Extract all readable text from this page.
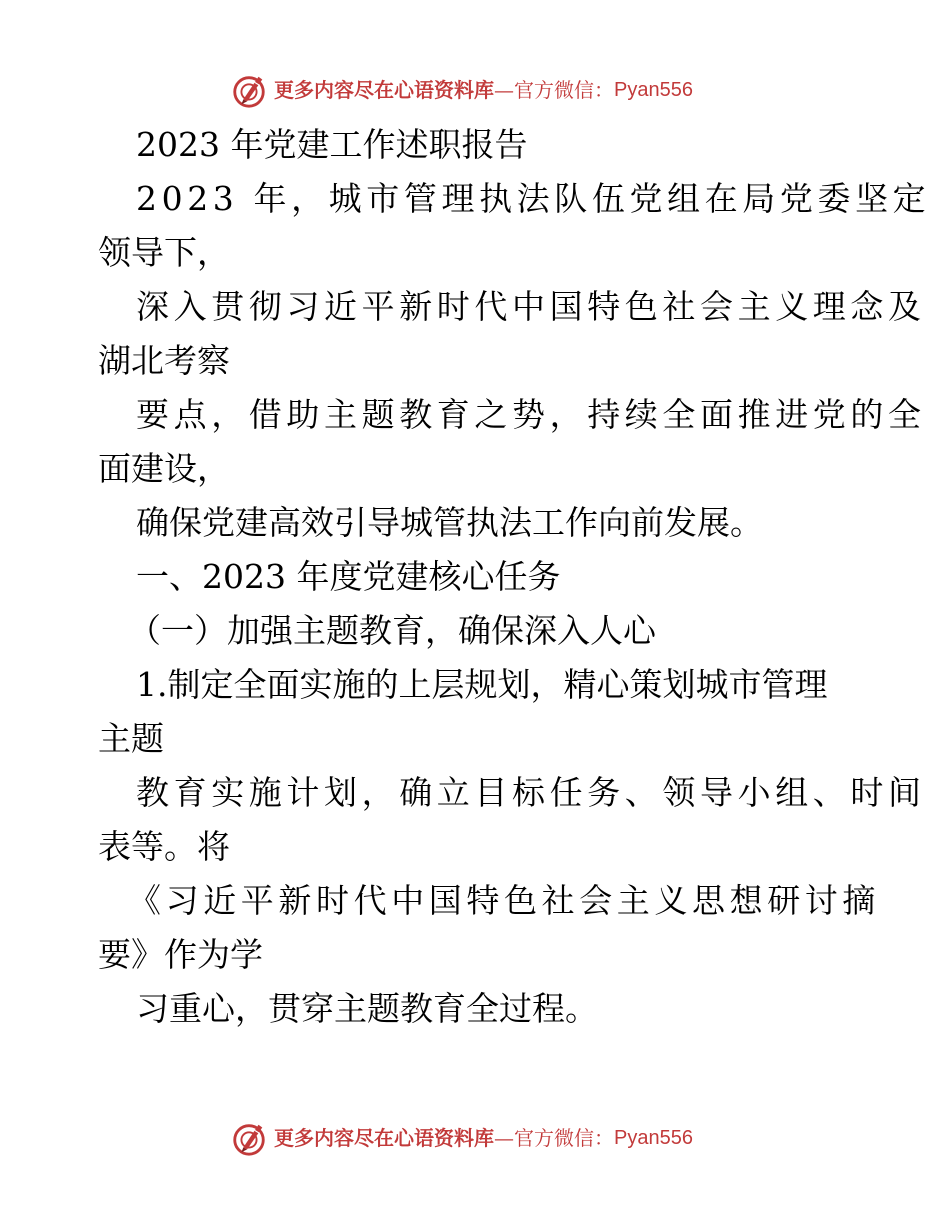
更多内容尽在心语资料库 — 官方微信： Pyan556
2023 年党建工作述职报告
2023 年，城市管理执法队伍党组在局党委坚定
领导下，
深入贯彻习近平新时代中国特色社会主义理念及
湖北考察
要点，借助主题教育之势，持续全面推进党的全
面建设，
确保党建高效引导城管执法工作向前发展。
一、2023 年度党建核心任务
（一）加强主题教育，确保深入人心
1.制定全面实施的上层规划，精心策划城市管理
主题
教育实施计划，确立目标任务、领导小组、时间
表等。将
《习近平新时代中国特色社会主义思想研讨摘
要》作为学
习重心，贯穿主题教育全过程。
更多内容尽在心语资料库 — 官方微信： Pyan556
